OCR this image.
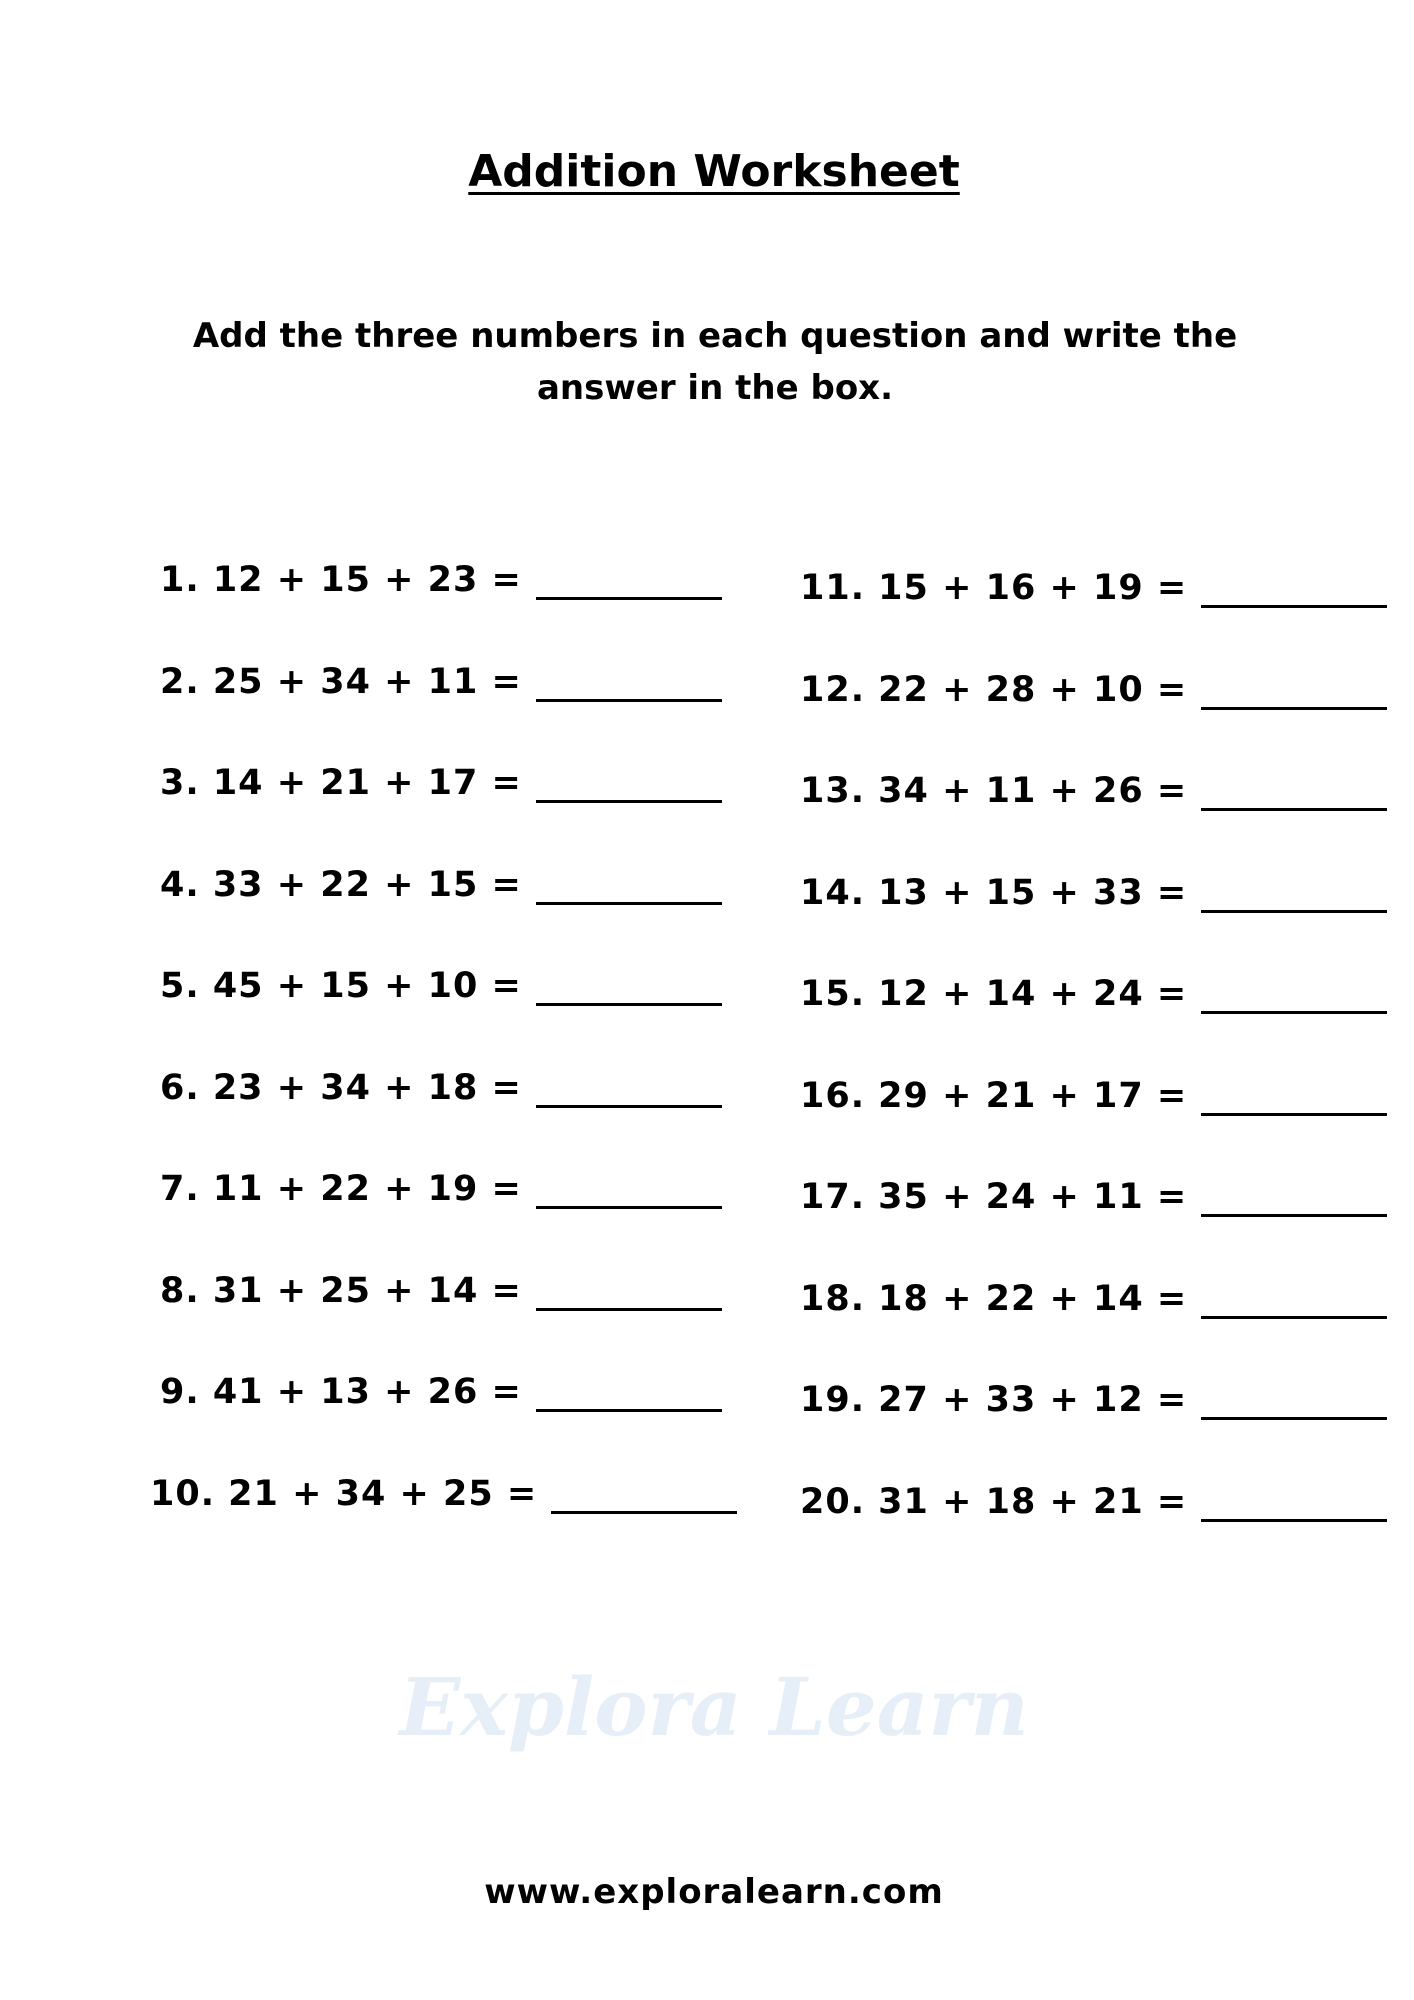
Explora Learn
Addition Worksheet
Add the three numbers in each question and write the
answer in the box.
1. 12 + 15 + 23 =
2. 25 + 34 + 11 =
3. 14 + 21 + 17 =
4. 33 + 22 + 15 =
5. 45 + 15 + 10 =
6. 23 + 34 + 18 =
7. 11 + 22 + 19 =
8. 31 + 25 + 14 =
9. 41 + 13 + 26 =
10. 21 + 34 + 25 =
11. 15 + 16 + 19 =
12. 22 + 28 + 10 =
13. 34 + 11 + 26 =
14. 13 + 15 + 33 =
15. 12 + 14 + 24 =
16. 29 + 21 + 17 =
17. 35 + 24 + 11 =
18. 18 + 22 + 14 =
19. 27 + 33 + 12 =
20. 31 + 18 + 21 =
www.exploralearn.com
